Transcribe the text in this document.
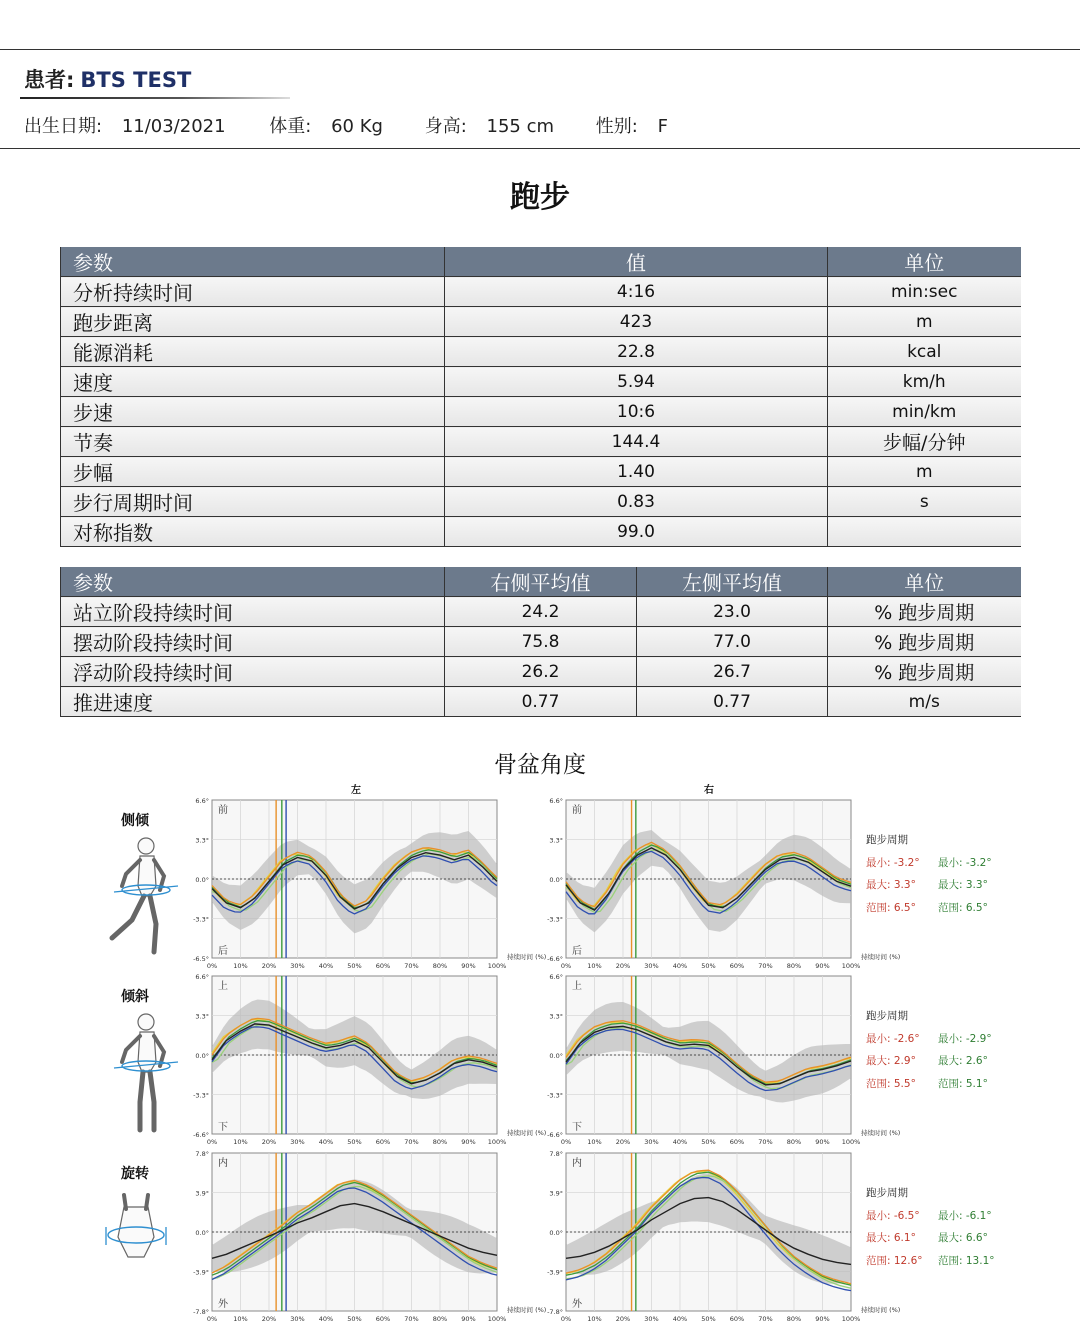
患者: BTS TEST
出生日期: 11/03/2021 体重: 60 Kg 身高: 155 cm 性别: F
跑步
参数	值	单位
分析持续时间	4:16	min:sec
跑步距离	423	m
能源消耗	22.8	kcal
速度	5.94	km/h
步速	10:6	min/km
节奏	144.4	步幅/分钟
步幅	1.40	m
步行周期时间	0.83	s
对称指数	99.0	
参数	右侧平均值	左侧平均值	单位
站立阶段持续时间	24.2	23.0	% 跑步周期
摆动阶段持续时间	75.8	77.0	% 跑步周期
浮动阶段持续时间	26.2	26.7	% 跑步周期
推进速度	0.77	0.77	m/s
骨盆角度
左	右
侧倾
前
后
6.6°
3.3°
0.0°
-3.3°
-6.5°
0% 10% 20% 30% 40% 50% 60% 70% 80% 90% 100%
持续时间 (%)
前
后
6.6°
3.3°
0.0°
-3.3°
-6.6°
0% 10% 20% 30% 40% 50% 60% 70% 80% 90% 100%
持续时间 (%)
跑步周期
最小: -3.2° 最小: -3.2°
最大: 3.3° 最大: 3.3°
范围: 6.5° 范围: 6.5°
倾斜
上
下
6.6°
3.3°
0.0°
-3.3°
-6.6°
0% 10% 20% 30% 40% 50% 60% 70% 80% 90% 100%
持续时间 (%)
上
下
6.6°
3.3°
0.0°
-3.3°
-6.6°
0% 10% 20% 30% 40% 50% 60% 70% 80% 90% 100%
持续时间 (%)
跑步周期
最小: -2.6° 最小: -2.9°
最大: 2.9° 最大: 2.6°
范围: 5.5° 范围: 5.1°
旋转
内
外
7.8°
3.9°
0.0°
-3.9°
-7.8°
0% 10% 20% 30% 40% 50% 60% 70% 80% 90% 100%
持续时间 (%)
内
外
7.8°
3.9°
0.0°
-3.9°
-7.8°
0% 10% 20% 30% 40% 50% 60% 70% 80% 90% 100%
持续时间 (%)
跑步周期
最小: -6.5° 最小: -6.1°
最大: 6.1° 最大: 6.6°
范围: 12.6° 范围: 13.1°
